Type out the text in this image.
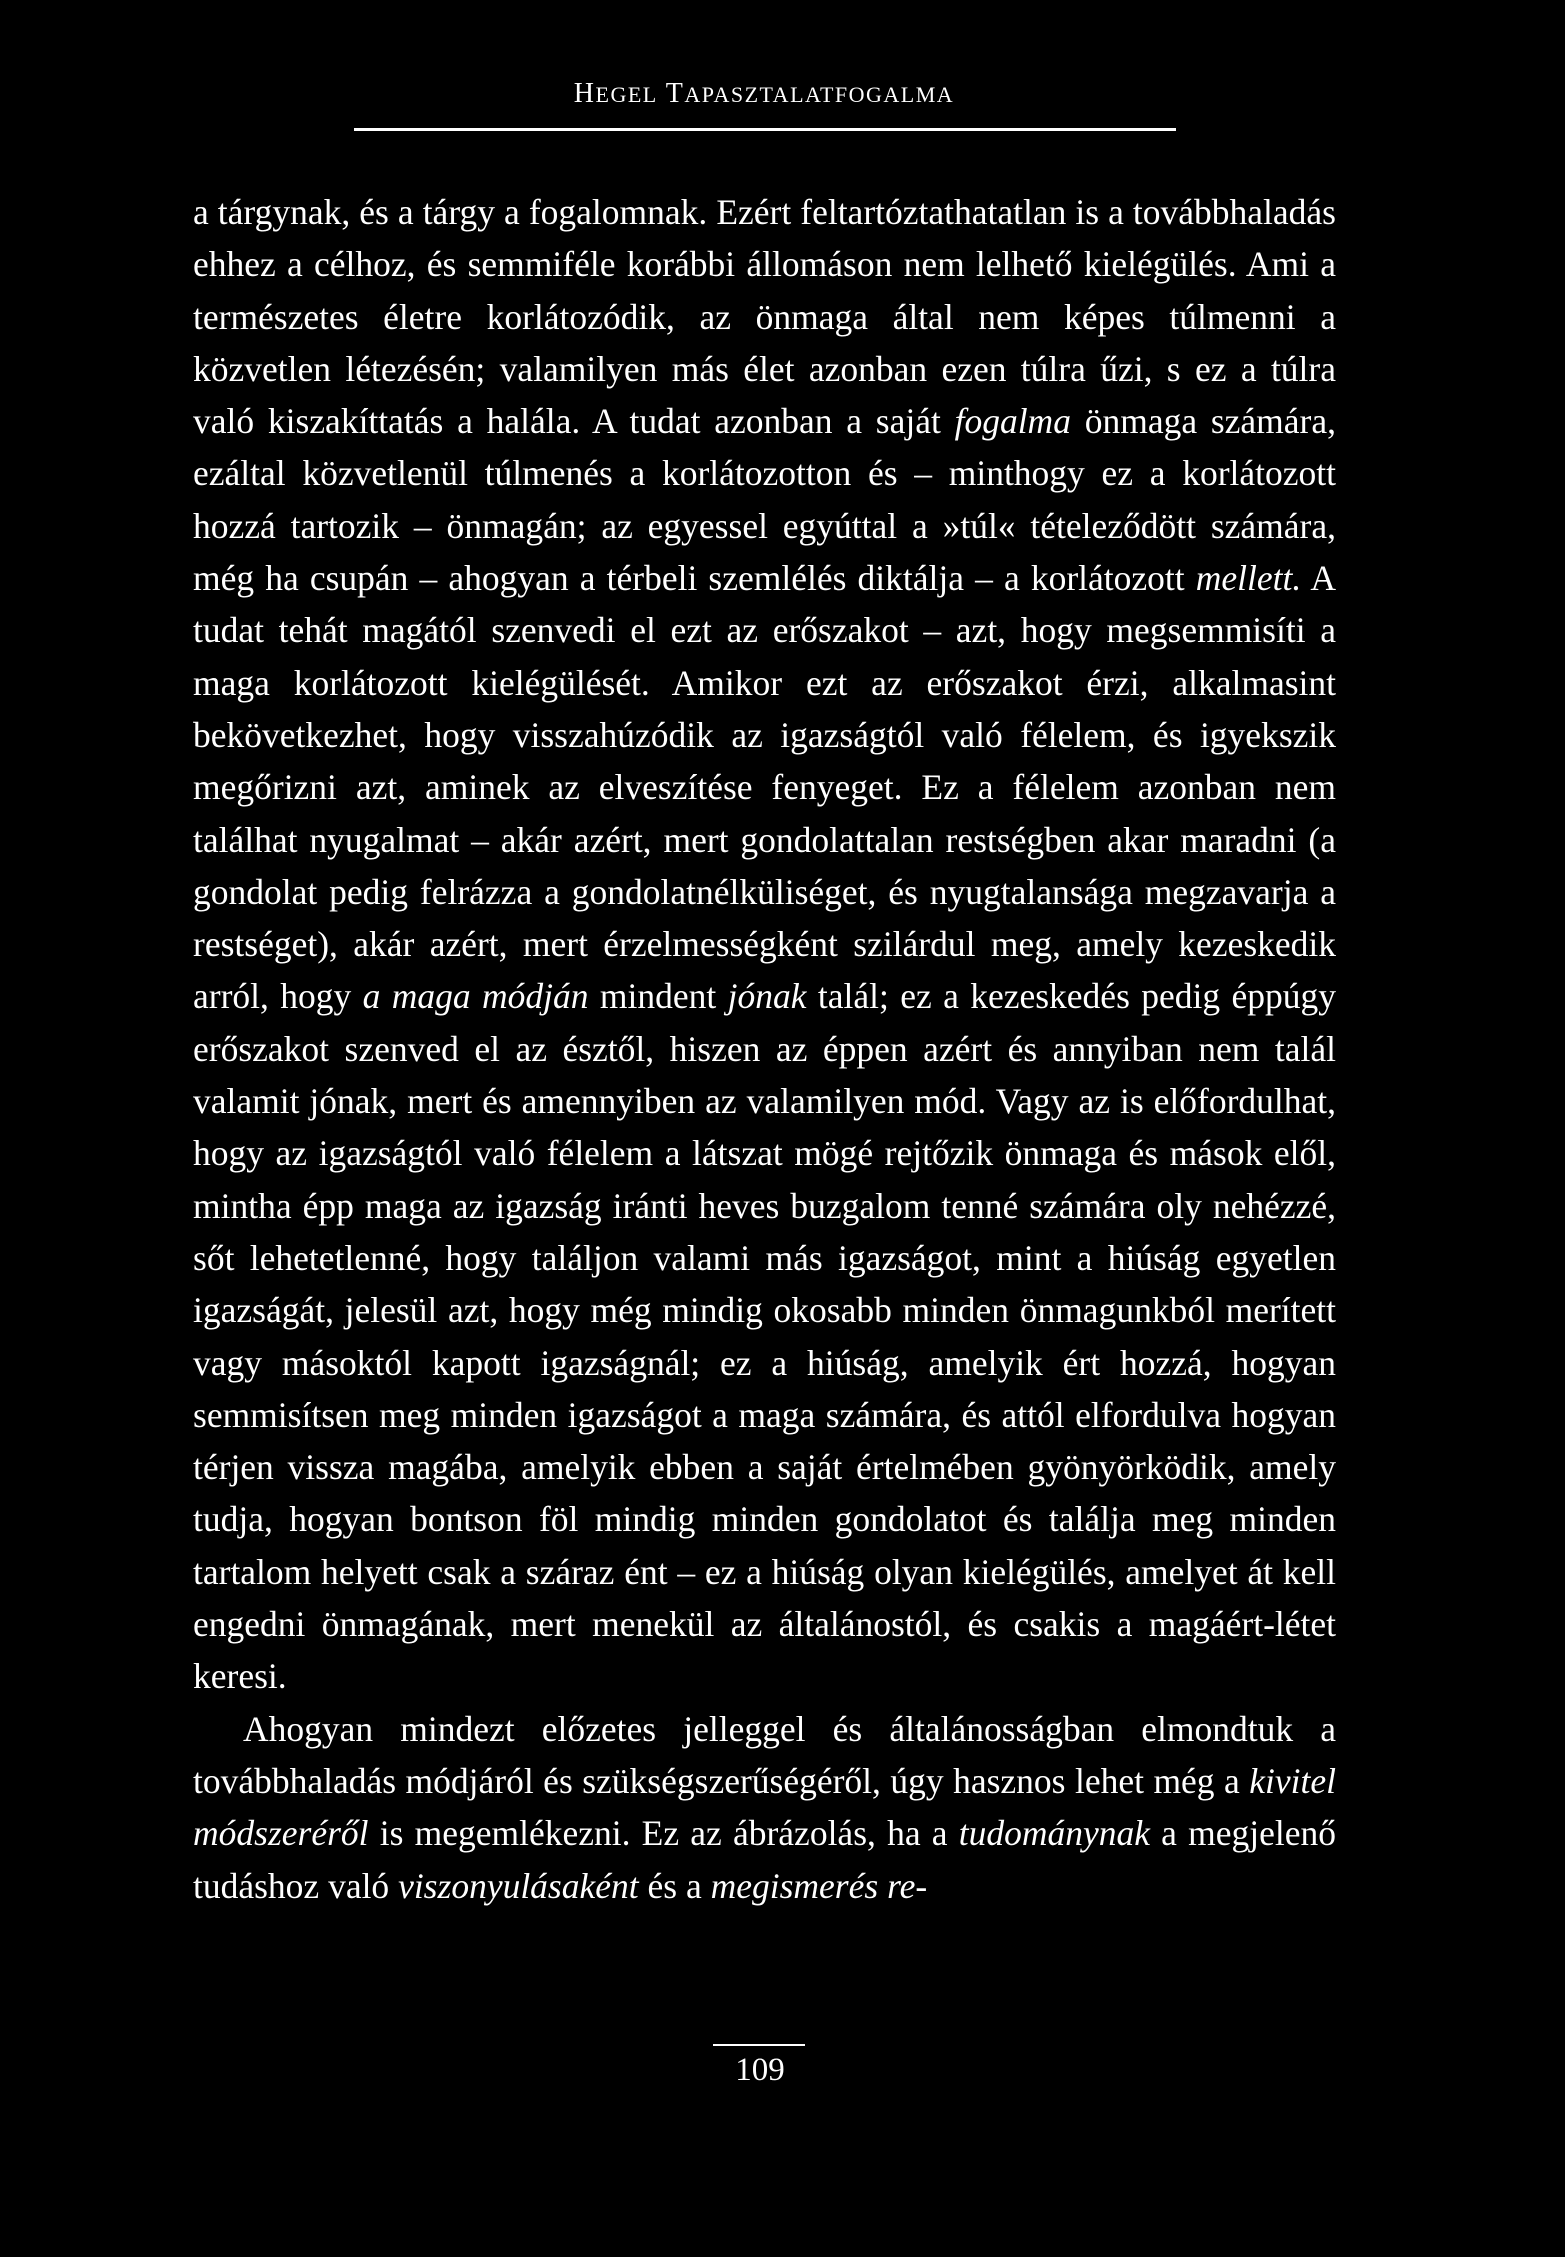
HEGEL TAPASZTALATFOGALMA

a tárgynak, és a tárgy a fogalomnak. Ezért feltartóztathatatlan is a továbbhaladás ehhez a célhoz, és semmiféle korábbi állomáson nem lelhető kielégülés. Ami a természetes életre korlátozódik, az önmaga által nem képes túlmenni a közvetlen létezésén; valamilyen más élet azonban ezen túlra űzi, s ez a túlra való kiszakíttatás a halála. A tudat azonban a saját fogalma önmaga számára, ezáltal közvetlenül túlmenés a korlátozotton és – minthogy ez a korlátozott hozzá tartozik – önmagán; az egyessel egyúttal a »túl« tételeződött számára, még ha csupán – ahogyan a térbeli szemlélés diktálja – a korlátozott mellett. A tudat tehát magától szenvedi el ezt az erőszakot – azt, hogy megsemmisíti a maga korlátozott kielégülését. Amikor ezt az erőszakot érzi, alkalmasint bekövetkezhet, hogy visszahúzódik az igazságtól való félelem, és igyekszik megőrizni azt, aminek az elveszítése fenyeget. Ez a félelem azonban nem találhat nyugalmat – akár azért, mert gondolattalan restségben akar maradni (a gondolat pedig felrázza a gondolatnélküliséget, és nyugtalansága megzavarja a restséget), akár azért, mert érzelmességként szilárdul meg, amely kezeskedik arról, hogy a maga módján mindent jónak talál; ez a kezeskedés pedig éppúgy erőszakot szenved el az észtől, hiszen az éppen azért és annyiban nem talál valamit jónak, mert és amennyiben az valamilyen mód. Vagy az is előfordulhat, hogy az igazságtól való félelem a látszat mögé rejtőzik önmaga és mások elől, mintha épp maga az igazság iránti heves buzgalom tenné számára oly nehézzé, sőt lehetetlenné, hogy találjon valami más igazságot, mint a hiúság egyetlen igazságát, jelesül azt, hogy még mindig okosabb minden önmagunkból merített vagy másoktól kapott igazságnál; ez a hiúság, amelyik ért hozzá, hogyan semmisítsen meg minden igazságot a maga számára, és attól elfordulva hogyan térjen vissza magába, amelyik ebben a saját értelmében gyönyörködik, amely tudja, hogyan bontson föl mindig minden gondolatot és találja meg minden tartalom helyett csak a száraz ént – ez a hiúság olyan kielégülés, amelyet át kell engedni önmagának, mert menekül az általánostól, és csakis a magáért-létet keresi.

Ahogyan mindezt előzetes jelleggel és általánosságban elmondtuk a továbbhaladás módjáról és szükségszerűségéről, úgy hasznos lehet még a kivitel módszeréről is megemlékezni. Ez az ábrázolás, ha a tudománynak a megjelenő tudáshoz való viszonyulásaként és a megismerés re-

109
